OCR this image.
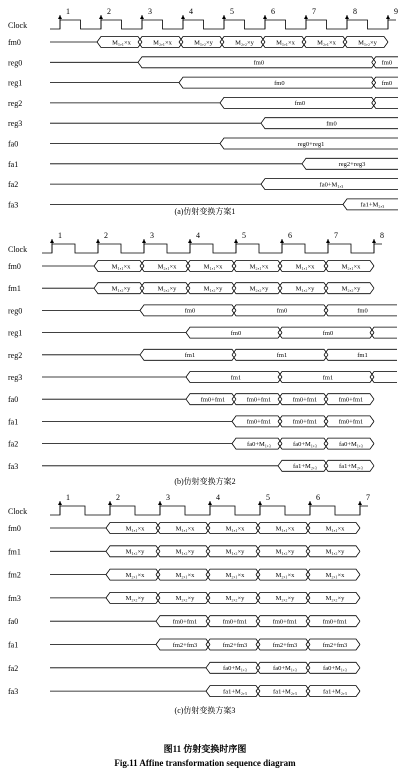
图11 仿射变换时序图
Fig.11 Affine transformation sequence diagram
Clock
1	2	3	4	5	6	7	8	9
fm0	M₁,₁×x	M₂,₁×x	M₁,₂×y	M₂,₂×y	M₁,₁×x	M₂,₁×x	M₁,₂×y
reg0	fm0	fm0
reg1	fm0	fm0
reg2	fm0
reg3	fm0
fa0	reg0+reg1
fa1	reg2+reg3
fa2	fa0+M₁,₃
fa3	fa1+M₂,₃
(a)仿射变换方案1
Clock
1	2	3	4	5	6	7	8
fm0	M₁,₁×x	M₂,₁×x	M₁,₁×x	M₂,₁×x	M₁,₁×x	M₂,₁×x
fm1	M₁,₂×y	M₂,₂×y	M₁,₂×y	M₂,₂×y	M₁,₂×y	M₂,₂×y
reg0	fm0	fm0	fm0
reg1	fm0	fm0
reg2	fm1	fm1	fm1
reg3	fm1	fm1
fa0	fm0+fm1	fm0+fm1	fm0+fm1	fm0+fm1
fa1	fm0+fm1	fm0+fm1	fm0+fm1
fa2	fa0+M₁,₃	fa0+M₁,₃	fa0+M₁,₃
fa3	fa1+M₂,₃	fa1+M₂,₃
(b)仿射变换方案2
Clock
1	2	3	4	5	6	7
fm0	M₁,₁×x	M₁,₁×x	M₁,₁×x	M₁,₁×x	M₁,₁×x
fm1	M₁,₂×y	M₁,₂×y	M₁,₂×y	M₁,₂×y	M₁,₂×y
fm2	M₂,₁×x	M₂,₁×x	M₂,₁×x	M₂,₁×x	M₂,₁×x
fm3	M₂,₂×y	M₂,₂×y	M₂,₂×y	M₂,₂×y	M₂,₂×y
fa0	fm0+fm1	fm0+fm1	fm0+fm1	fm0+fm1
fa1	fm2+fm3	fm2+fm3	fm2+fm3	fm2+fm3
fa2	fa0+M₁,₃	fa0+M₁,₃	fa0+M₁,₃
fa3	fa1+M₂,₃	fa1+M₂,₃	fa1+M₂,₃
(c)仿射变换方案3
